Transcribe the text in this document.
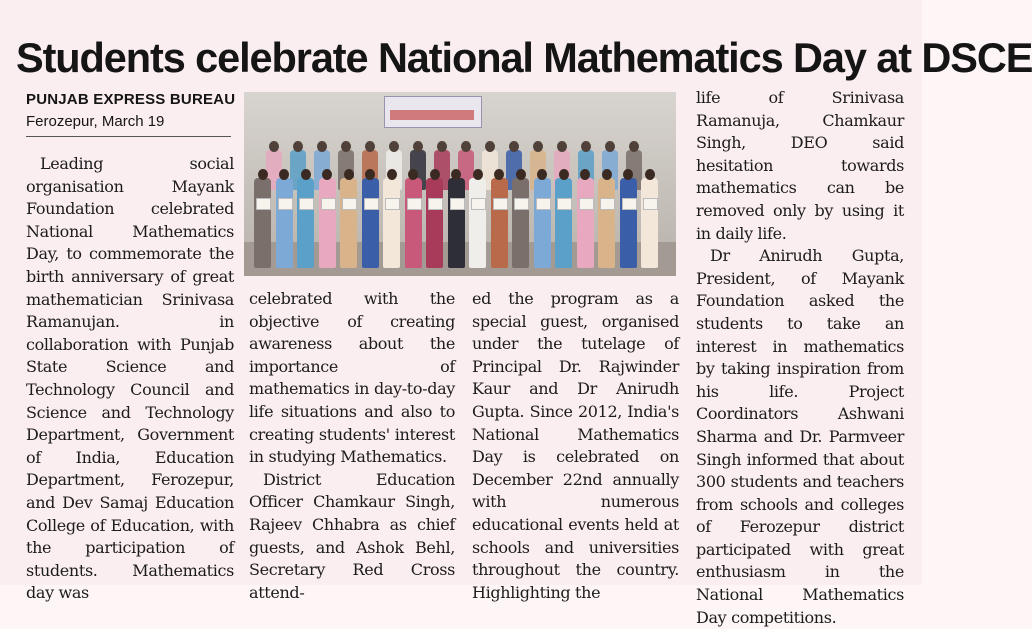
Students celebrate National Mathematics Day at DSCE
PUNJAB EXPRESS BUREAU
Ferozepur, March 19

Leading social organisation Mayank Foundation celebrated National Mathematics Day, to commemorate the birth anniversary of great mathematician Srinivasa Ramanujan. in collaboration with Punjab State Science and Technology Council and Science and Technology Department, Government of India, Education Department, Ferozepur, and Dev Samaj Education College of Education, with the participation of students. Mathematics day was

celebrated with the objective of creating awareness about the importance of mathematics in day-to-day life situations and also to creating students' interest in studying Mathematics.

District Education Officer Chamkaur Singh, Rajeev Chhabra as chief guests, and Ashok Behl, Secretary Red Cross attend-

ed the program as a special guest, organised under the tutelage of Principal Dr. Rajwinder Kaur and Dr Anirudh Gupta. Since 2012, India's National Mathematics Day is celebrated on December 22nd annually with numerous educational events held at schools and universities throughout the country. Highlighting the

life of Srinivasa Ramanuja, Chamkaur Singh, DEO said hesitation towards mathematics can be removed only by using it in daily life.

Dr Anirudh Gupta, President, of Mayank Foundation asked the students to take an interest in mathematics by taking inspiration from his life. Project Coordinators Ashwani Sharma and Dr. Parmveer Singh informed that about 300 students and teachers from schools and colleges of Ferozepur district participated with great enthusiasm in the National Mathematics Day competitions.
